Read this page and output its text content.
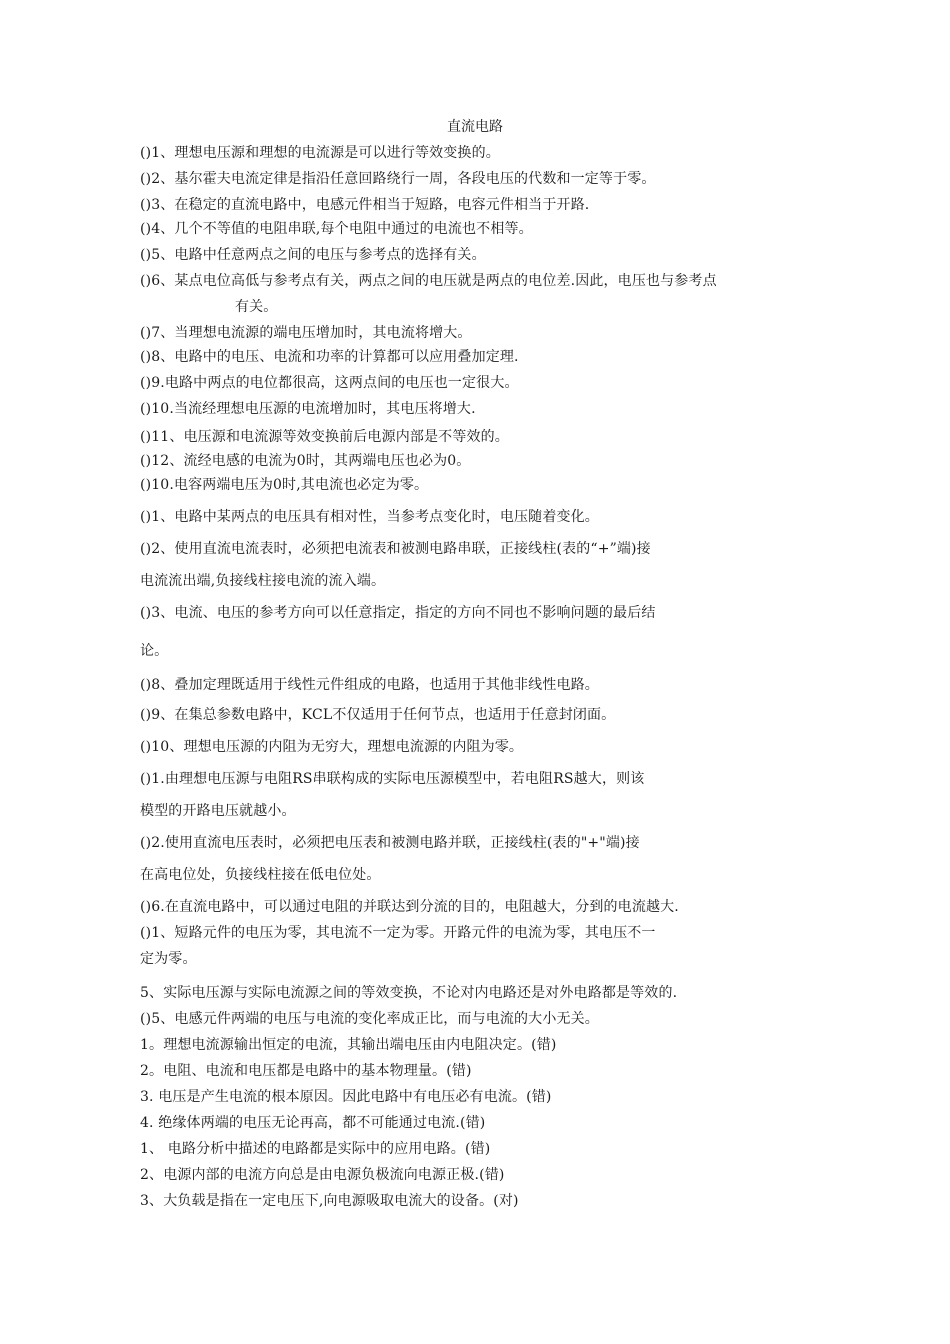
直流电路
()1、理想电压源和理想的电流源是可以进行等效变换的。
()2、基尔霍夫电流定律是指沿任意回路绕行一周，各段电压的代数和一定等于零。
()3、在稳定的直流电路中，电感元件相当于短路，电容元件相当于开路.
()4、几个不等值的电阻串联,每个电阻中通过的电流也不相等。
()5、电路中任意两点之间的电压与参考点的选择有关。
()6、某点电位高低与参考点有关，两点之间的电压就是两点的电位差.因此，电压也与参考点
有关。
()7、当理想电流源的端电压增加时，其电流将增大。
()8、电路中的电压、电流和功率的计算都可以应用叠加定理.
()9.电路中两点的电位都很高，这两点间的电压也一定很大。
()10.当流经理想电压源的电流增加时，其电压将增大.
()11、电压源和电流源等效变换前后电源内部是不等效的。
()12、流经电感的电流为0时，其两端电压也必为0。
()10.电容两端电压为0时,其电流也必定为零。
()1、电路中某两点的电压具有相对性，当参考点变化时，电压随着变化。
()2、使用直流电流表时，必须把电流表和被测电路串联，正接线柱(表的“+”端)接
电流流出端,负接线柱接电流的流入端。
()3、电流、电压的参考方向可以任意指定，指定的方向不同也不影响问题的最后结
论。
()8、叠加定理既适用于线性元件组成的电路，也适用于其他非线性电路。
()9、在集总参数电路中，KCL不仅适用于任何节点，也适用于任意封闭面。
()10、理想电压源的内阻为无穷大，理想电流源的内阻为零。
()1.由理想电压源与电阻RS串联构成的实际电压源模型中，若电阻RS越大，则该
模型的开路电压就越小。
()2.使用直流电压表时，必须把电压表和被测电路并联，正接线柱(表的"+"端)接
在高电位处，负接线柱接在低电位处。
()6.在直流电路中，可以通过电阻的并联达到分流的目的，电阻越大，分到的电流越大.
()1、短路元件的电压为零，其电流不一定为零。开路元件的电流为零，其电压不一
定为零。
5、实际电压源与实际电流源之间的等效变换，不论对内电路还是对外电路都是等效的.
()5、电感元件两端的电压与电流的变化率成正比，而与电流的大小无关。
1。理想电流源输出恒定的电流，其输出端电压由内电阻决定。(错)
2。电阻、电流和电压都是电路中的基本物理量。(错)
3. 电压是产生电流的根本原因。因此电路中有电压必有电流。(错)
4. 绝缘体两端的电压无论再高，都不可能通过电流.(错)
1、 电路分析中描述的电路都是实际中的应用电路。(错)
2、电源内部的电流方向总是由电源负极流向电源正极.(错)
3、大负载是指在一定电压下,向电源吸取电流大的设备。(对)
